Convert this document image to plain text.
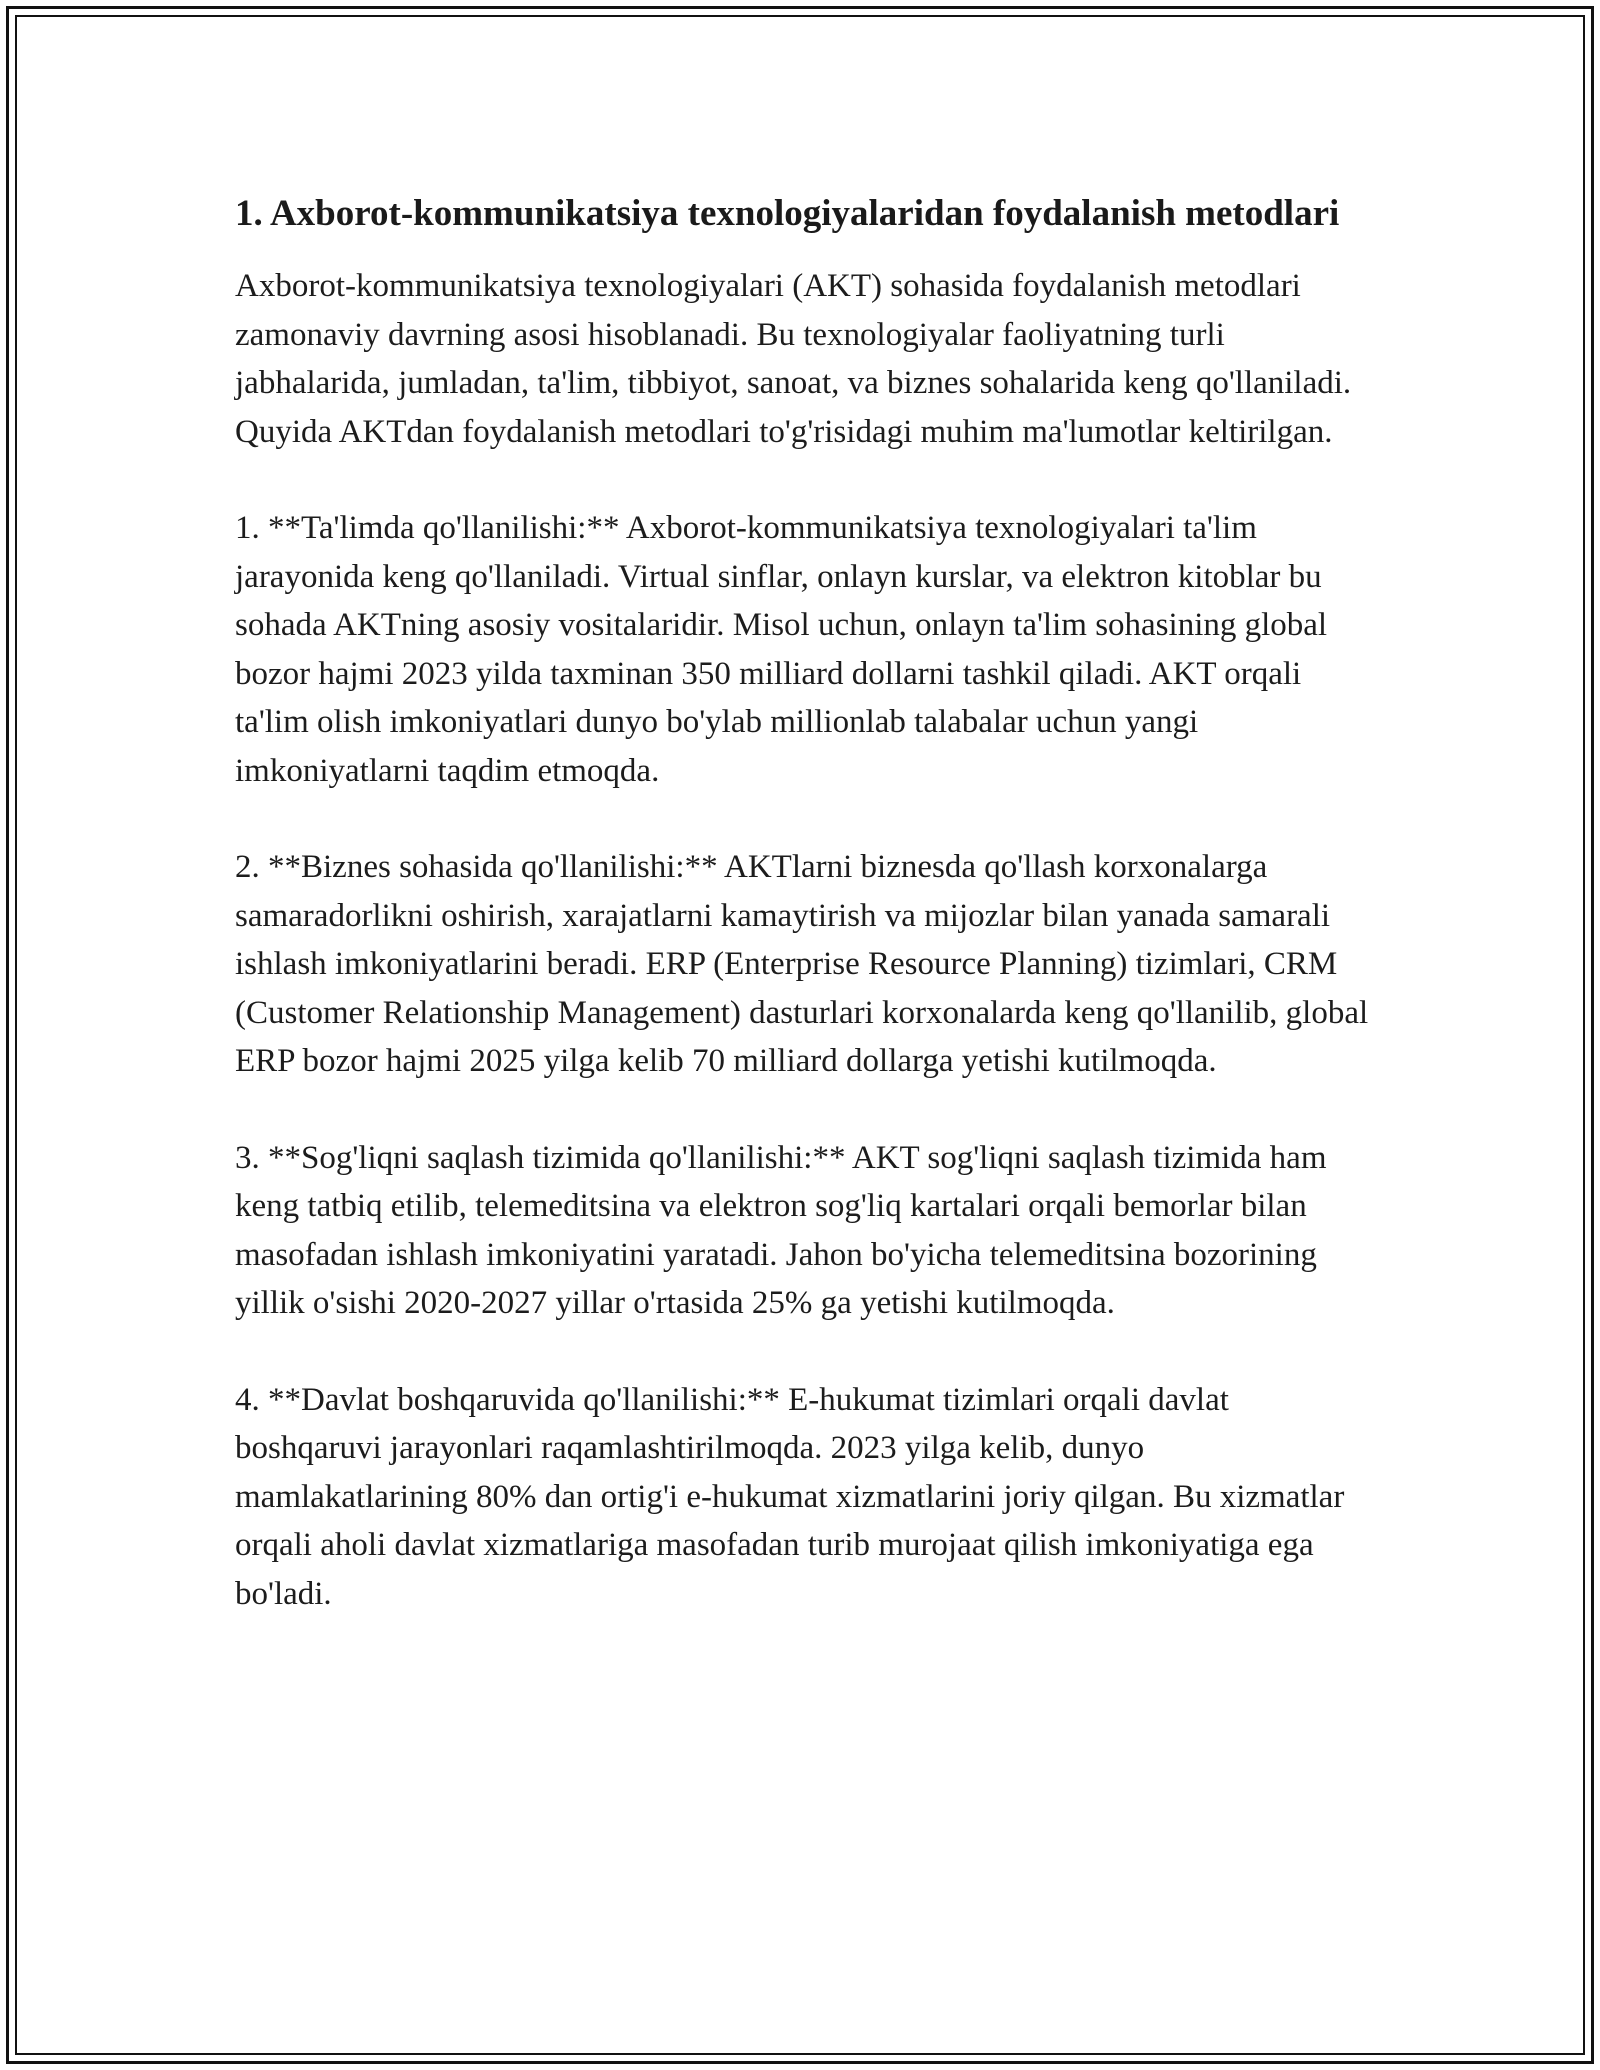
1. Axborot-kommunikatsiya texnologiyalaridan foydalanish metodlari

Axborot-kommunikatsiya texnologiyalari (AKT) sohasida foydalanish metodlari zamonaviy davrning asosi hisoblanadi. Bu texnologiyalar faoliyatning turli jabhalarida, jumladan, ta'lim, tibbiyot, sanoat, va biznes sohalarida keng qo'llaniladi. Quyida AKTdan foydalanish metodlari to'g'risidagi muhim ma'lumotlar keltirilgan.

1. **Ta'limda qo'llanilishi:** Axborot-kommunikatsiya texnologiyalari ta'lim jarayonida keng qo'llaniladi. Virtual sinflar, onlayn kurslar, va elektron kitoblar bu sohada AKTning asosiy vositalaridir. Misol uchun, onlayn ta'lim sohasining global bozor hajmi 2023 yilda taxminan 350 milliard dollarni tashkil qiladi. AKT orqali ta'lim olish imkoniyatlari dunyo bo'ylab millionlab talabalar uchun yangi imkoniyatlarni taqdim etmoqda.

2. **Biznes sohasida qo'llanilishi:** AKTlarni biznesda qo'llash korxonalarga samaradorlikni oshirish, xarajatlarni kamaytirish va mijozlar bilan yanada samarali ishlash imkoniyatlarini beradi. ERP (Enterprise Resource Planning) tizimlari, CRM (Customer Relationship Management) dasturlari korxonalarda keng qo'llanilib, global ERP bozor hajmi 2025 yilga kelib 70 milliard dollarga yetishi kutilmoqda.

3. **Sog'liqni saqlash tizimida qo'llanilishi:** AKT sog'liqni saqlash tizimida ham keng tatbiq etilib, telemeditsina va elektron sog'liq kartalari orqali bemorlar bilan masofadan ishlash imkoniyatini yaratadi. Jahon bo'yicha telemeditsina bozorining yillik o'sishi 2020-2027 yillar o'rtasida 25% ga yetishi kutilmoqda.

4. **Davlat boshqaruvida qo'llanilishi:** E-hukumat tizimlari orqali davlat boshqaruvi jarayonlari raqamlashtirilmoqda. 2023 yilga kelib, dunyo mamlakatlarining 80% dan ortig'i e-hukumat xizmatlarini joriy qilgan. Bu xizmatlar orqali aholi davlat xizmatlariga masofadan turib murojaat qilish imkoniyatiga ega bo'ladi.
